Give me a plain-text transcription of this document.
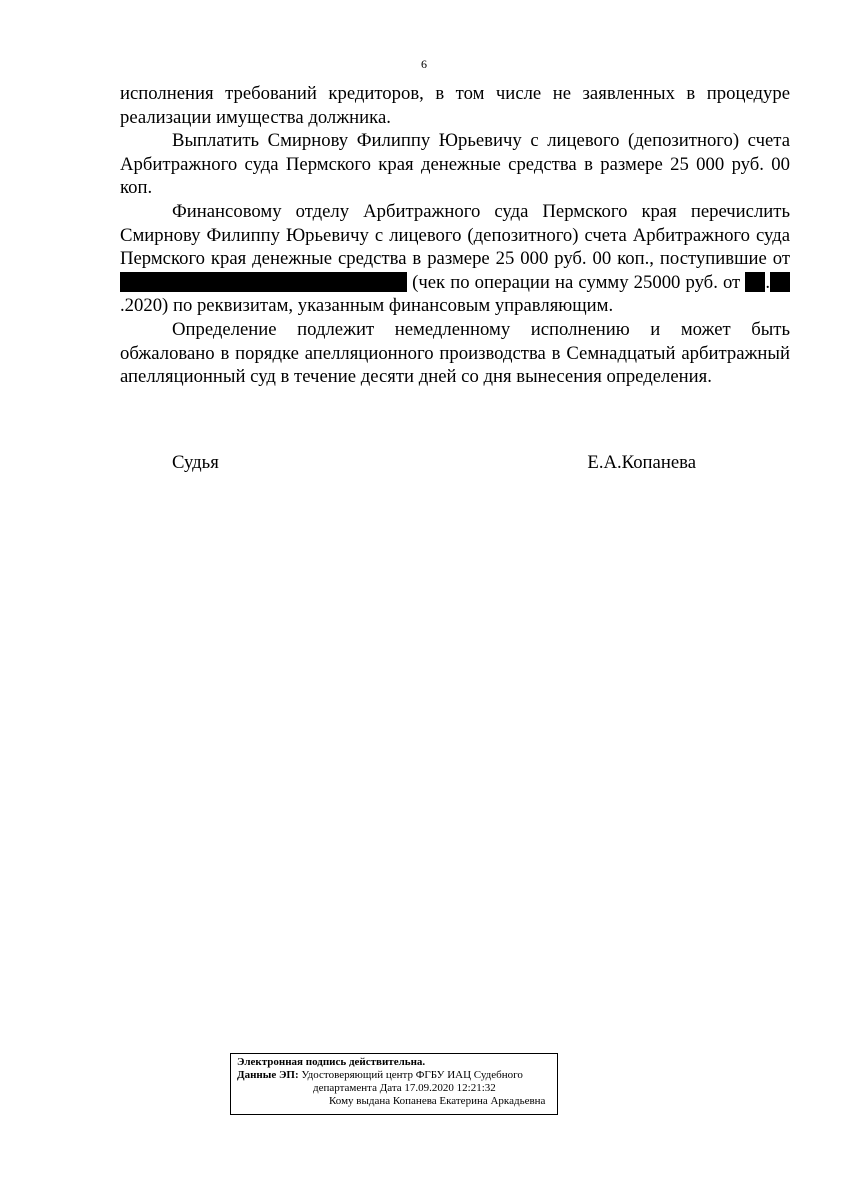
6

исполнения требований кредиторов, в том числе не заявленных в процедуре реализации имущества должника.

Выплатить Смирнову Филиппу Юрьевичу с лицевого (депозитного) счета Арбитражного суда Пермского края денежные средства в размере 25 000 руб. 00 коп.

Финансовому отделу Арбитражного суда Пермского края перечислить Смирнову Филиппу Юрьевичу с лицевого (депозитного) счета Арбитражного суда Пермского края денежные средства в размере 25 000 руб. 00 коп., поступившие от  (чек по операции на сумму 25000 руб. от ..2020) по реквизитам, указанным финансовым управляющим.

Определение подлежит немедленному исполнению и может быть обжаловано в порядке апелляционного производства в Семнадцатый арбитражный апелляционный суд в течение десяти дней со дня вынесения определения.

Судья	Е.А.Копанева
Электронная подпись действительна.
Данные ЭП: Удостоверяющий центр ФГБУ ИАЦ Судебного
департамента Дата 17.09.2020 12:21:32
Кому выдана Копанева Екатерина Аркадьевна
